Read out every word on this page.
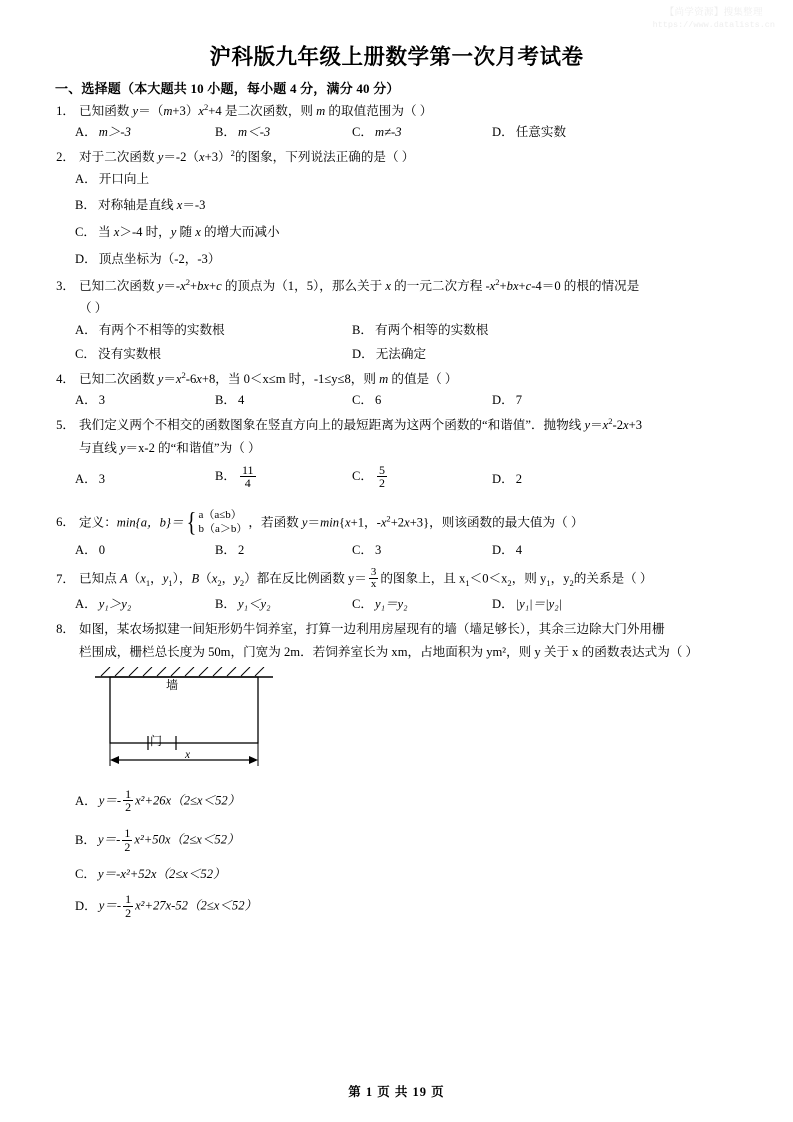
【尚学资源】搜集整理
https://www.datalists.cn
沪科版九年级上册数学第一次月考试卷
一、选择题（本大题共 10 小题，每小题 4 分，满分 40 分）
1． 已知函数 $y=(m+3)x^2+4$ 是二次函数，则 m 的取值范围为（ ）
A． m＞‑3	B． m＜‑3	C． m≠‑3	D． 任意实数
2． 对于二次函数 $y=‑2(x+3)^2$的图象，下列说法正确的是（ ）
A． 开口向上
B． 对称轴是直线 x＝‑3
C． 当 x＞‑4 时，y 随 x 的增大而减小
D． 顶点坐标为（‑2，‑3）
3． 已知二次函数 $y=‑x^2+bx+c$ 的顶点为（1，5），那么关于 x 的一元二次方程 $‑x^2+bx+c‑4=0$ 的根的情况是
（ ）
A． 有两个不相等的实数根	B． 有两个相等的实数根
C． 没有实数根	D． 无法确定
4． 已知二次函数 $y=x^2‑6x+8$，当 0＜x≤m 时，‑1≤y≤8，则 m 的值是（ ）
A． 3	B． 4	C． 6	D． 7
5． 我们定义两个不相交的函数图象在竖直方向上的最短距离为这两个函数的“和谐值”．抛物线 $y=x^2‑2x+3$
与直线 y＝x‑2 的“和谐值”为（ ）
A． 3	B． $\frac{11}{4}$	C． $\frac{5}{2}$	D． 2
6． 定义：min{a，b}＝{ a（a≤b）
b（a＞b） ，若函数 y＝min{x+1，$‑x^2+2x+3$}，则该函数的最大值为（ ）
A． 0	B． 2	C． 3	D． 4
7． 已知点 $A(x_1$，$y_1$），$B(x_2$，$y_2$）都在反比例函数 $y= \frac{3}{x}$ 的图象上，且 $x_1<0<x_2$，则 $y_1$，$y_2$的关系是（ ）
A． y₁＞y₂	B． y₁＜y₂	C． y₁＝y₂	D． |y₁|＝|y₂|
8． 如图，某农场拟建一间矩形奶牛饲养室，打算一边利用房屋现有的墙（墙足够长），其余三边除大门外用栅
栏围成，栅栏总长度为 50m，门宽为 2m．若饲养室长为 xm，占地面积为 ym²，则 y 关于 x 的函数表达式为（ ）
墙
门
x
A． y＝‑ $\frac{1}{2} x^2+26x(2\le x<52)$
B． y＝‑ $\frac{1}{2} x^2+50x(2\le x<52)$
C． y＝‑x²+52x（2≤x＜52）
D． y＝‑ $\frac{1}{2}$ x²+27x‑52（2≤x＜52）
第 1 页 共 19 页
